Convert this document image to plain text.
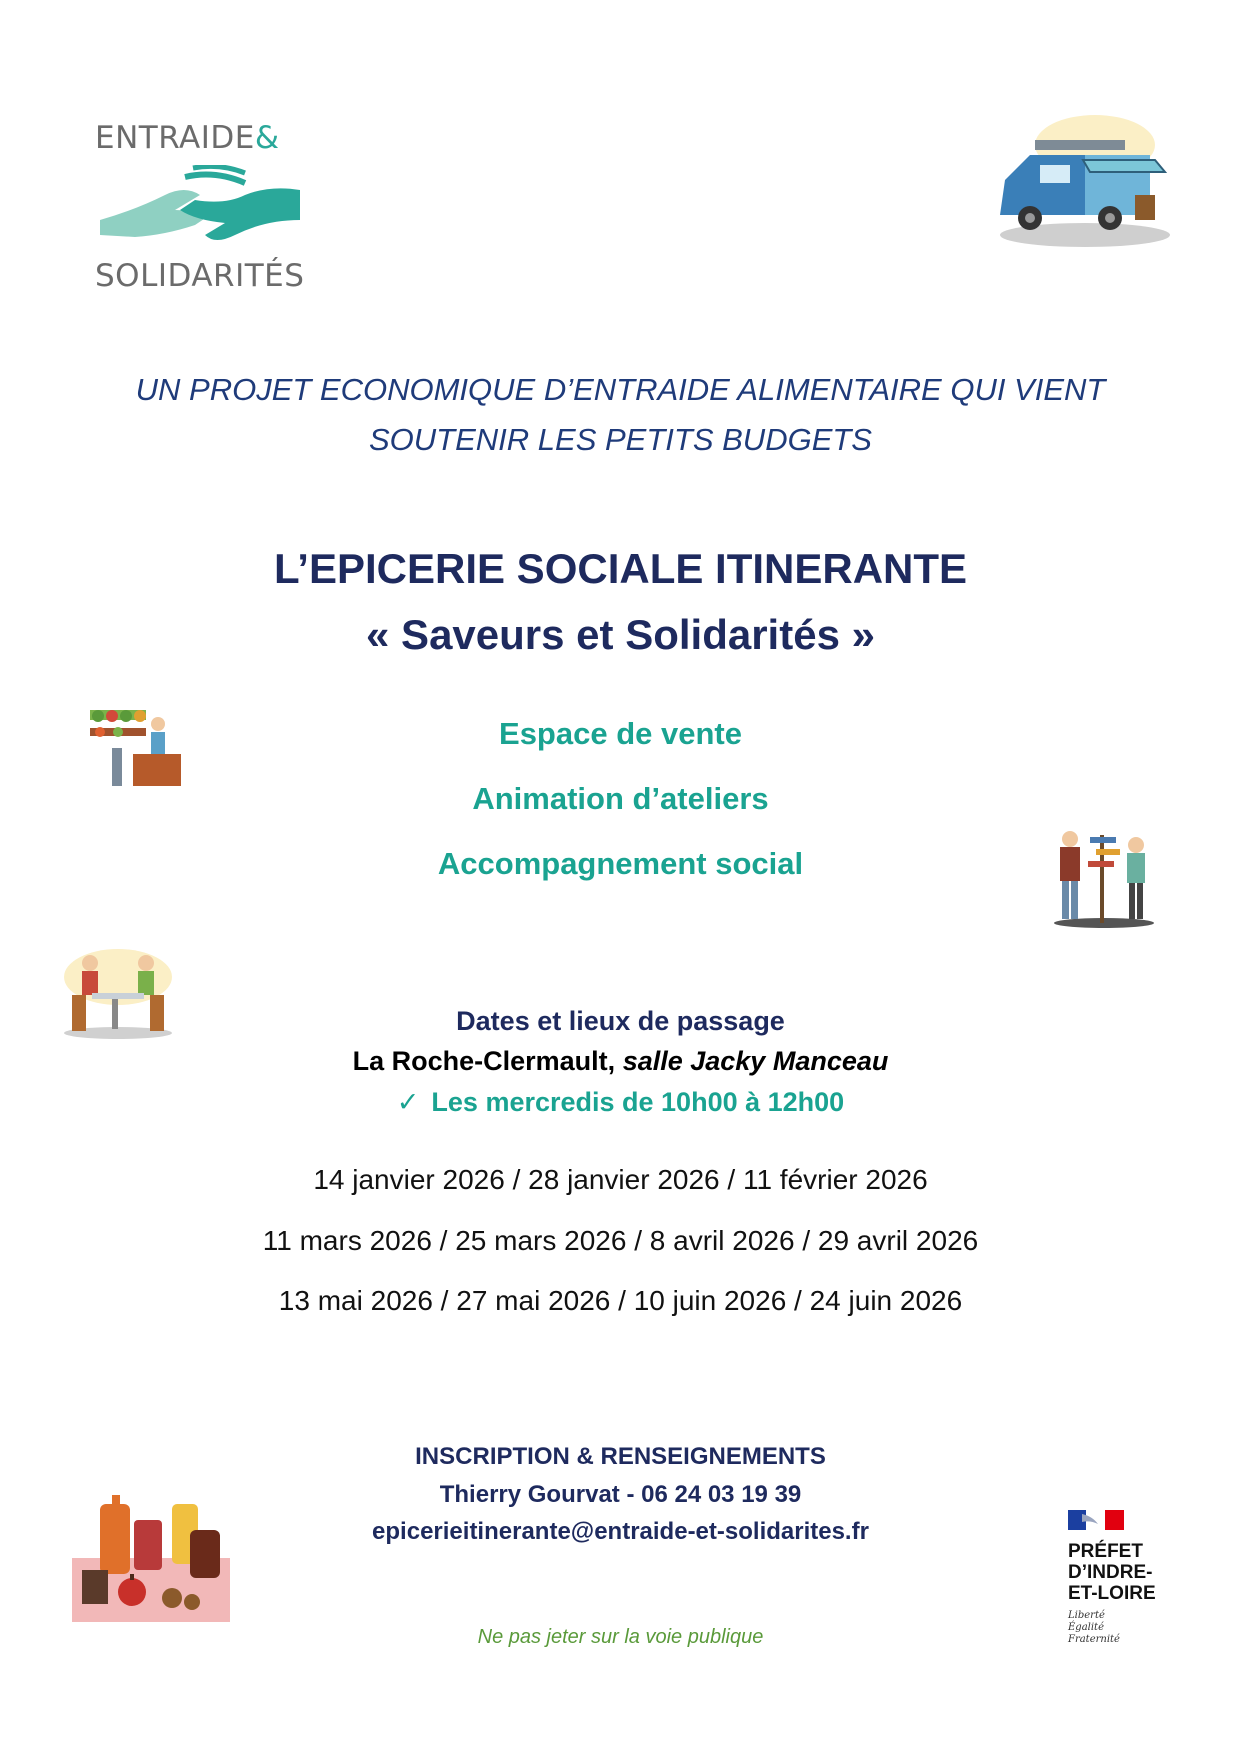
ENTRAIDE&
SOLIDARITÉS
UN PROJET ECONOMIQUE D’ENTRAIDE ALIMENTAIRE QUI VIENT
SOUTENIR LES PETITS BUDGETS
L’EPICERIE SOCIALE ITINERANTE
« Saveurs et Solidarités »
Espace de vente
Animation d’ateliers
Accompagnement social
Dates et lieux de passage
La Roche-Clermault, salle Jacky Manceau
✓ Les mercredis de 10h00 à 12h00
14 janvier 2026 / 28 janvier 2026 / 11 février 2026
11 mars 2026 / 25 mars 2026 / 8 avril 2026 / 29 avril 2026
13 mai 2026 / 27 mai 2026 / 10 juin 2026 / 24 juin 2026
INSCRIPTION & RENSEIGNEMENTS
Thierry Gourvat - 06 24 03 19 39
epicerieitinerante@entraide-et-solidarites.fr
Ne pas jeter sur la voie publique
PRÉFET
D’INDRE-
ET-LOIRE
Liberté
Égalité
Fraternité
